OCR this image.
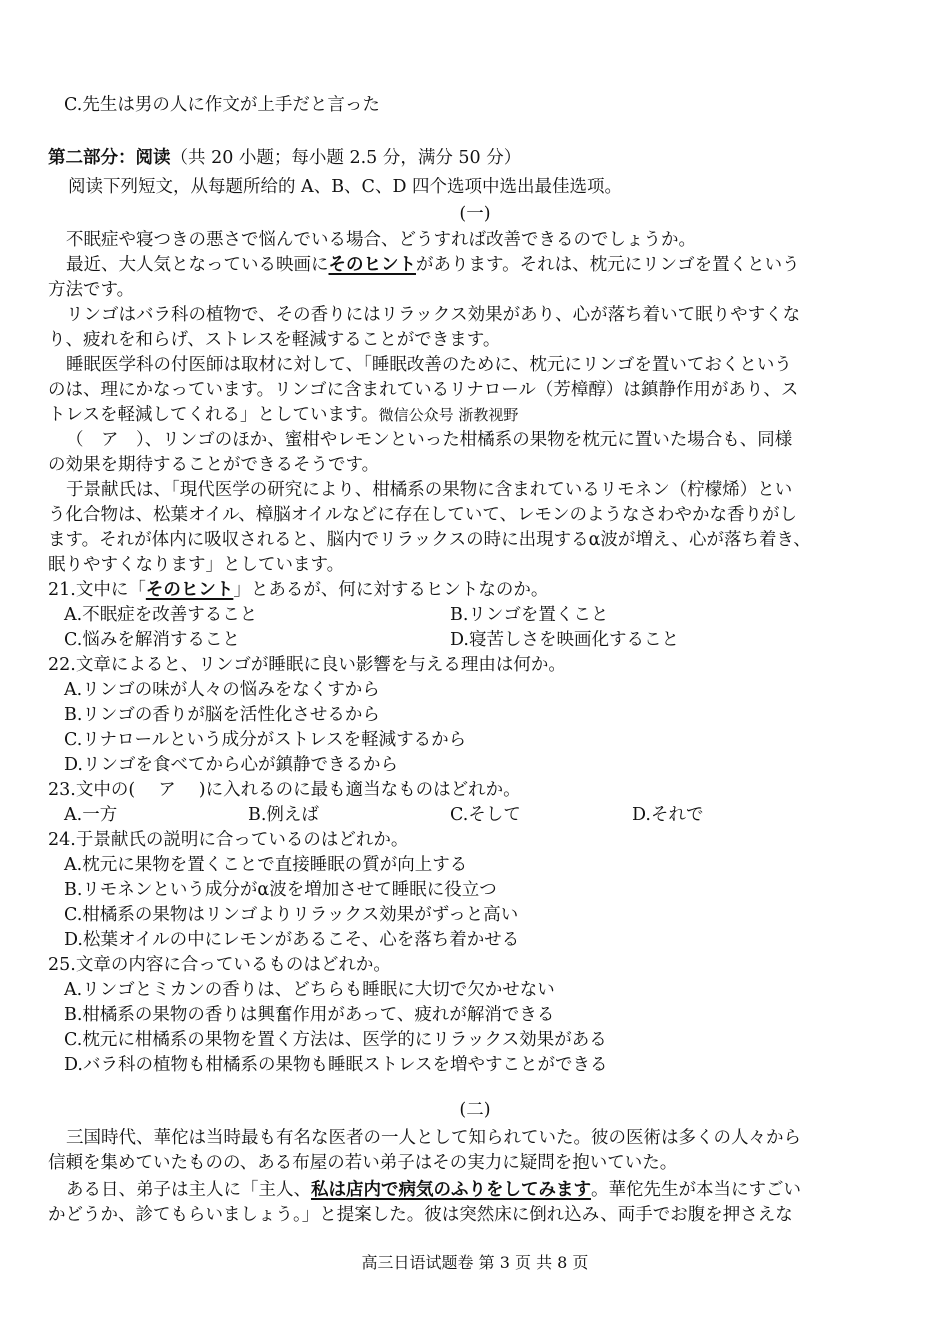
C.先生は男の人に作文が上手だと言った
第二部分：阅读（共 20 小题；每小题 2.5 分，满分 50 分）
阅读下列短文，从每题所给的 A、B、C、D 四个选项中选出最佳选项。
(一)
不眠症や寝つきの悪さで悩んでいる場合、どうすれば改善できるのでしょうか。
最近、大人気となっている映画にそのヒントがあります。それは、枕元にリンゴを置くという
方法です。
リンゴはバラ科の植物で、その香りにはリラックス効果があり、心が落ち着いて眠りやすくな
り、疲れを和らげ、ストレスを軽減することができます。
睡眠医学科の付医師は取材に対して、「睡眠改善のために、枕元にリンゴを置いておくという
のは、理にかなっています。リンゴに含まれているリナロール（芳樟醇）は鎮静作用があり、ス
トレスを軽減してくれる」としています。微信公众号 浙教视野
（　ア　）、リンゴのほか、蜜柑やレモンといった柑橘系の果物を枕元に置いた場合も、同様
の効果を期待することができるそうです。
于景献氏は、「現代医学の研究により、柑橘系の果物に含まれているリモネン（柠檬烯）とい
う化合物は、松葉オイル、樟脳オイルなどに存在していて、レモンのようなさわやかな香りがし
ます。それが体内に吸収されると、脳内でリラックスの時に出現するα波が増え、心が落ち着き、
眠りやすくなります」としています。
21.文中に「そのヒント」とあるが、何に対するヒントなのか。
A.不眠症を改善すること	B.リンゴを置くこと
C.悩みを解消すること	D.寝苦しさを映画化すること
22.文章によると、リンゴが睡眠に良い影響を与える理由は何か。
A.リンゴの味が人々の悩みをなくすから
B.リンゴの香りが脳を活性化させるから
C.リナロールという成分がストレスを軽減するから
D.リンゴを食べてから心が鎮静できるから
23.文中の(　 ア 　)に入れるのに最も適当なものはどれか。
A.一方	B.例えば	C.そして	D.それで
24.于景献氏の説明に合っているのはどれか。
A.枕元に果物を置くことで直接睡眠の質が向上する
B.リモネンという成分がα波を増加させて睡眠に役立つ
C.柑橘系の果物はリンゴよりリラックス効果がずっと高い
D.松葉オイルの中にレモンがあるこそ、心を落ち着かせる
25.文章の内容に合っているものはどれか。
A.リンゴとミカンの香りは、どちらも睡眠に大切で欠かせない
B.柑橘系の果物の香りは興奮作用があって、疲れが解消できる
C.枕元に柑橘系の果物を置く方法は、医学的にリラックス効果がある
D.バラ科の植物も柑橘系の果物も睡眠ストレスを増やすことができる
(二)
三国時代、華佗は当時最も有名な医者の一人として知られていた。彼の医術は多くの人々から
信頼を集めていたものの、ある布屋の若い弟子はその実力に疑問を抱いていた。
ある日、弟子は主人に「主人、私は店内で病気のふりをしてみます。華佗先生が本当にすごい
かどうか、診てもらいましょう。」と提案した。彼は突然床に倒れ込み、両手でお腹を押さえな
高三日语试题卷 第 3 页 共 8 页
